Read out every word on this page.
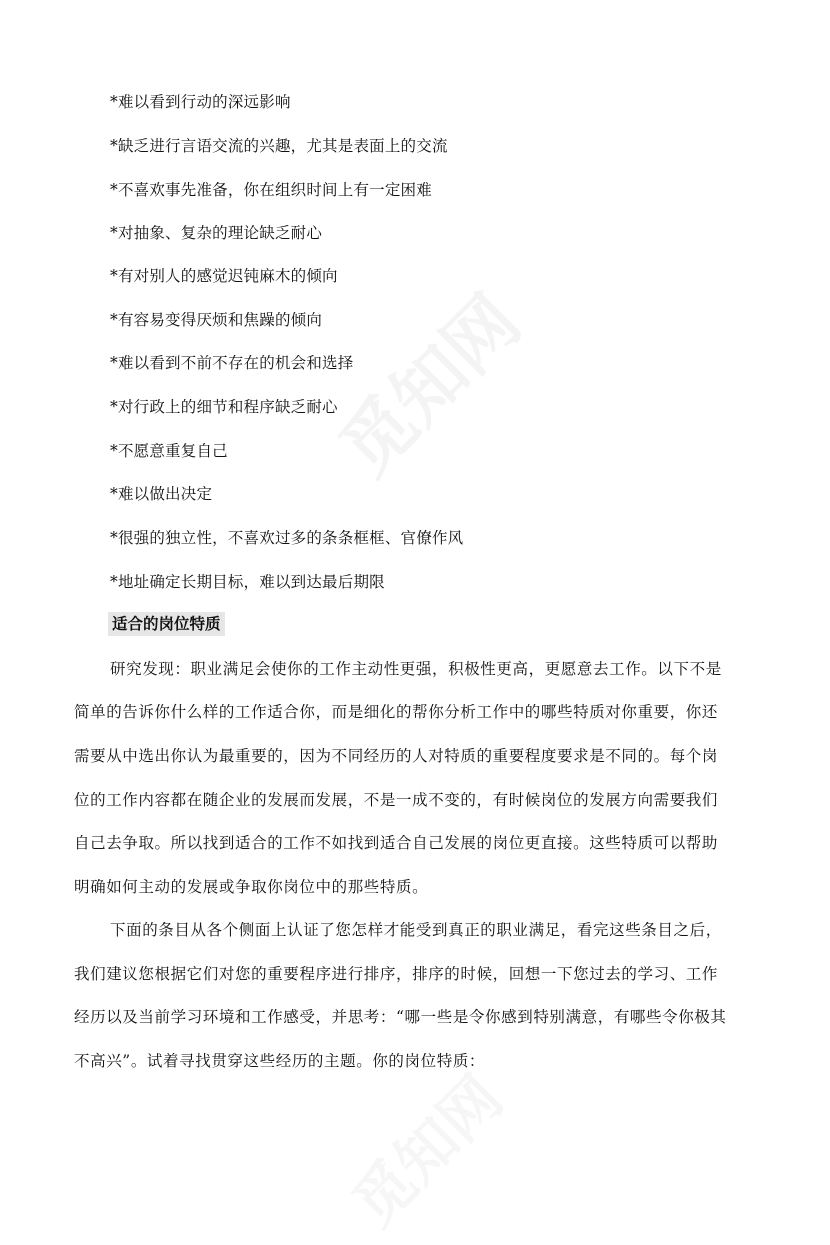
*难以看到行动的深远影响
*缺乏进行言语交流的兴趣，尤其是表面上的交流
*不喜欢事先准备，你在组织时间上有一定困难
*对抽象、复杂的理论缺乏耐心
*有对别人的感觉迟钝麻木的倾向
*有容易变得厌烦和焦躁的倾向
*难以看到不前不存在的机会和选择
*对行政上的细节和程序缺乏耐心
*不愿意重复自己
*难以做出决定
*很强的独立性，不喜欢过多的条条框框、官僚作风
*地址确定长期目标，难以到达最后期限
适合的岗位特质
研究发现：职业满足会使你的工作主动性更强，积极性更高，更愿意去工作。以下不是
简单的告诉你什么样的工作适合你，而是细化的帮你分析工作中的哪些特质对你重要，你还
需要从中选出你认为最重要的，因为不同经历的人对特质的重要程度要求是不同的。每个岗
位的工作内容都在随企业的发展而发展，不是一成不变的，有时候岗位的发展方向需要我们
自己去争取。所以找到适合的工作不如找到适合自己发展的岗位更直接。这些特质可以帮助
明确如何主动的发展或争取你岗位中的那些特质。
下面的条目从各个侧面上认证了您怎样才能受到真正的职业满足，看完这些条目之后，
我们建议您根据它们对您的重要程序进行排序，排序的时候，回想一下您过去的学习、工作
经历以及当前学习环境和工作感受，并思考：“哪一些是令你感到特别满意，有哪些令你极其
不高兴”。试着寻找贯穿这些经历的主题。你的岗位特质：
